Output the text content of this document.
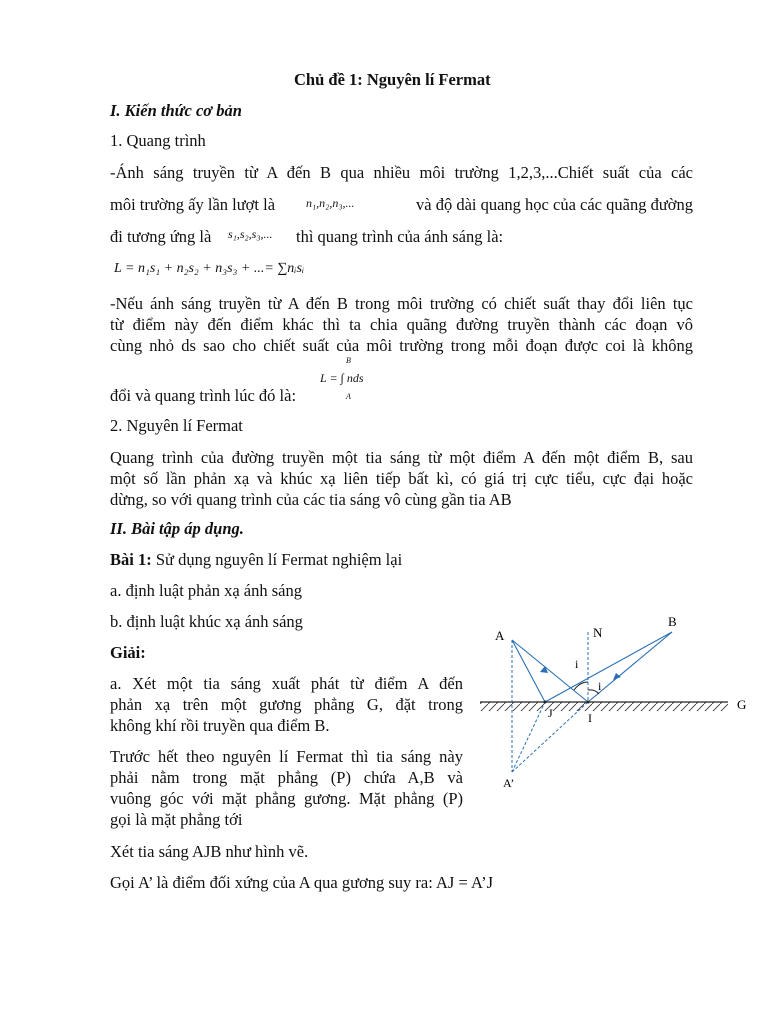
Chủ đề 1: Nguyên lí Fermat
I. Kiến thức cơ bản
1. Quang trình
-Ánh sáng truyền từ A đến B qua nhiều môi trường 1,2,3,...Chiết suất của các
môi trường ấy lần lượt là	n₁,n₂,n₃,...	và độ dài quang học của các quãng đường
đi tương ứng là s₁,s₂,s₃,... thì quang trình của ánh sáng là:
L = n₁s₁ + n₂s₂ + n₃s₃ + ...= ∑nᵢsᵢ
-Nếu ánh sáng truyền từ A đến B trong môi trường có chiết suất thay đổi liên tục
từ điểm này đến điểm khác thì ta chia quãng đường truyền thành các đoạn vô
cùng nhỏ ds sao cho chiết suất của môi trường trong mỗi đoạn được coi là không
đổi và quang trình lúc đó là:
L = ∫ nds
B
A
2. Nguyên lí Fermat
Quang trình của đường truyền một tia sáng từ một điểm A đến một điểm B, sau
một số lần phản xạ và khúc xạ liên tiếp bất kì, có giá trị cực tiểu, cực đại hoặc
dừng, so với quang trình của các tia sáng vô cùng gần tia AB
II. Bài tập áp dụng.
Bài 1: Sử dụng nguyên lí Fermat nghiệm lại
a. định luật phản xạ ánh sáng
b. định luật khúc xạ ánh sáng
Giải:
a. Xét một tia sáng xuất phát từ điểm A đến
phản xạ trên một gương phẳng G, đặt trong
không khí rồi truyền qua điểm B.
Trước hết theo nguyên lí Fermat thì tia sáng này
phải nằm trong mặt phẳng (P) chứa A,B và
vuông góc với mặt phẳng gương. Mặt phẳng (P)
gọi là mặt phẳng tới
Xét tia sáng AJB như hình vẽ.
Gọi A’ là điểm đối xứng của A qua gương suy ra: AJ = A’J
A	N
B
G
J	I
i
i
A’
